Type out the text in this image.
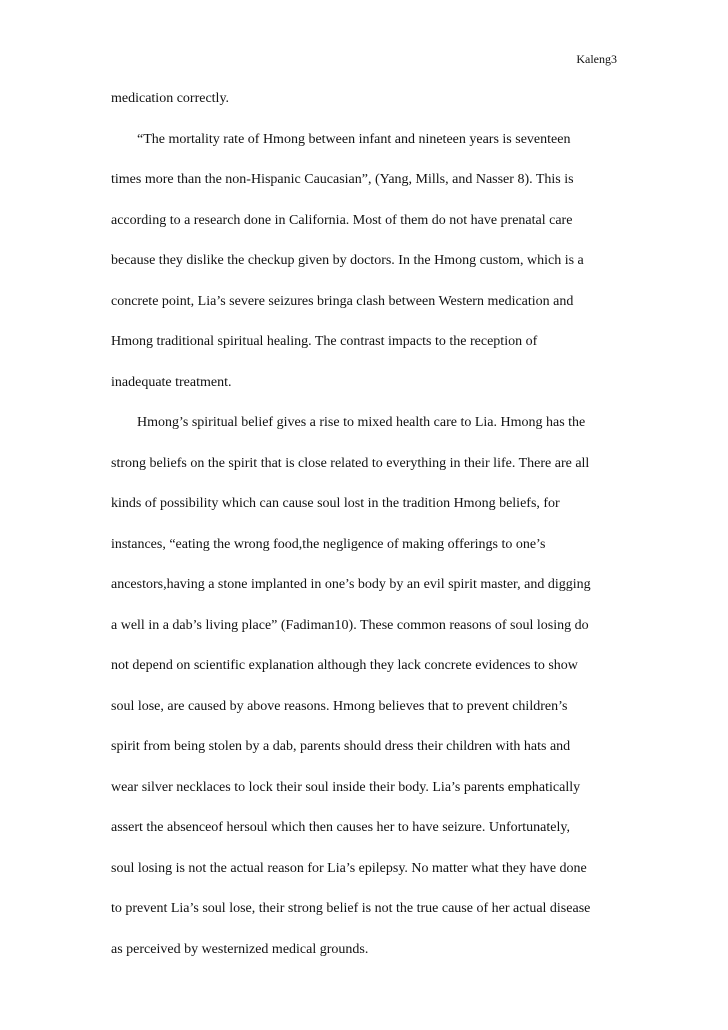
Kaleng3
medication correctly.
“The mortality rate of Hmong between infant and nineteen years is seventeen
times more than the non-Hispanic Caucasian”, (Yang, Mills, and Nasser 8). This is
according to a research done in California. Most of them do not have prenatal care
because they dislike the checkup given by doctors. In the Hmong custom, which is a
concrete point, Lia’s severe seizures bringa clash between Western medication and
Hmong traditional spiritual healing. The contrast impacts to the reception of
inadequate treatment.
Hmong’s spiritual belief gives a rise to mixed health care to Lia. Hmong has the
strong beliefs on the spirit that is close related to everything in their life. There are all
kinds of possibility which can cause soul lost in the tradition Hmong beliefs, for
instances, “eating the wrong food,the negligence of making offerings to one’s
ancestors,having a stone implanted in one’s body by an evil spirit master, and digging
a well in a dab’s living place” (Fadiman10). These common reasons of soul losing do
not depend on scientific explanation although they lack concrete evidences to show
soul lose, are caused by above reasons. Hmong believes that to prevent children’s
spirit from being stolen by a dab, parents should dress their children with hats and
wear silver necklaces to lock their soul inside their body. Lia’s parents emphatically
assert the absenceof hersoul which then causes her to have seizure. Unfortunately,
soul losing is not the actual reason for Lia’s epilepsy. No matter what they have done
to prevent Lia’s soul lose, their strong belief is not the true cause of her actual disease
as perceived by westernized medical grounds.
